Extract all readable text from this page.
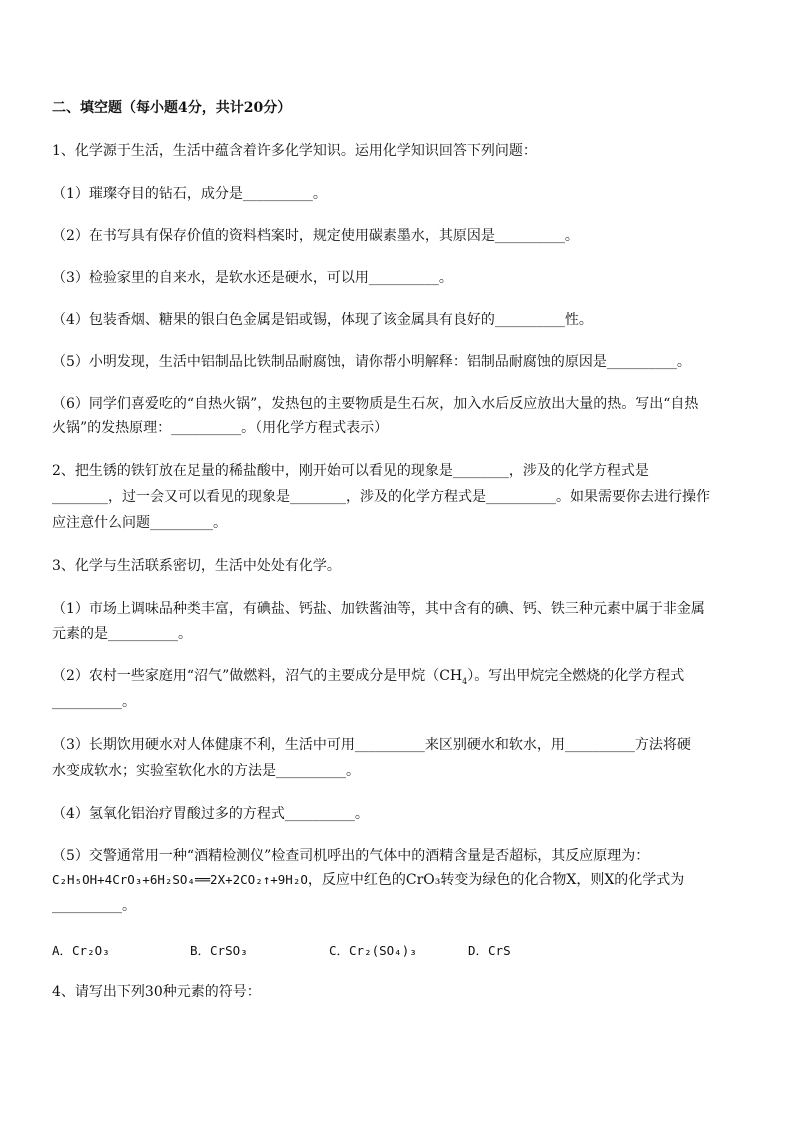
二、填空题（每小题4分，共计20分）
1、化学源于生活，生活中蕴含着许多化学知识。运用化学知识回答下列问题：
（1）璀璨夺目的钻石，成分是__________。
（2）在书写具有保存价值的资料档案时，规定使用碳素墨水，其原因是__________。
（3）检验家里的自来水，是软水还是硬水，可以用__________。
（4）包装香烟、糖果的银白色金属是铝或锡，体现了该金属具有良好的__________性。
（5）小明发现，生活中铝制品比铁制品耐腐蚀，请你帮小明解释：铝制品耐腐蚀的原因是__________。
（6）同学们喜爱吃的“自热火锅”，发热包的主要物质是生石灰，加入水后反应放出大量的热。写出“自热
火锅”的发热原理：__________。（用化学方程式表示）
2、把生锈的铁钉放在足量的稀盐酸中，刚开始可以看见的现象是________，涉及的化学方程式是
________，过一会又可以看见的现象是________，涉及的化学方程式是__________。如果需要你去进行操作
应注意什么问题_________。
3、化学与生活联系密切，生活中处处有化学。
（1）市场上调味品种类丰富，有碘盐、钙盐、加铁酱油等，其中含有的碘、钙、铁三种元素中属于非金属
元素的是__________。
（2）农村一些家庭用“沼气”做燃料，沼气的主要成分是甲烷$(CH_4)$。写出甲烷完全燃烧的化学方程式
__________。
（3）长期饮用硬水对人体健康不利，生活中可用__________来区别硬水和软水，用__________方法将硬
水变成软水；实验室软化水的方法是__________。
（4）氢氧化铝治疗胃酸过多的方程式__________。
（5）交警通常用一种“酒精检测仪”检查司机呼出的气体中的酒精含量是否超标，其反应原理为：
C₂H₅OH+4CrO₃+6H₂SO₄══2X+2CO₂↑+9H₂O，反应中红色的CrO₃转变为绿色的化合物X，则X的化学式为
__________。
A．Cr₂O₃	B．CrSO₃	C．Cr₂(SO₄)₃	D．CrS
4、请写出下列30种元素的符号：
